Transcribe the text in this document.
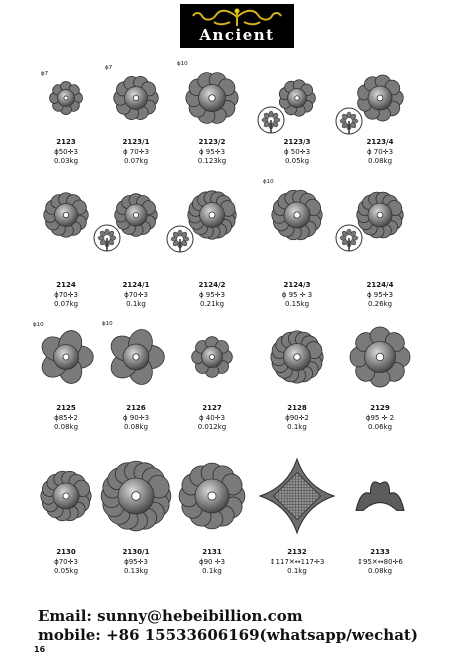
Ancient
ϕ7
2123
ϕ50✛3
0.03kg
ϕ7
2123/1
ϕ 70✛3
0.07kg
ϕ10
2123/2
ϕ 95✛3
0.123kg
2123/3
ϕ 50✛3
0.05kg
2123/4
ϕ 70✛3
0.08kg
2124
ϕ70✛3
0.07kg
2124/1
ϕ70✛3
0.1kg
2124/2
ϕ 95✛3
0.21kg
ϕ10
2124/3
ϕ 95 ✛ 3
0.15kg
2124/4
ϕ 95✛3
0.26kg
ϕ10
2125
ϕ85✛2
0.08kg
ϕ10
2126
ϕ 90✛3
0.08kg
2127
ϕ 40✛3
0.012kg
2128
ϕ90✛2
0.1kg
2129
ϕ95 ✛ 2
0.06kg
2130
ϕ70✛3
0.05kg
2130/1
ϕ95✛3
0.13kg
2131
ϕ90 ✛3
0.1kg
2132
↕117✕↔117✛3
0.1kg
2133
↕95✕↔80✛6
0.08kg
Email: sunny@hebeibillion.com
mobile: +86 15533606169(whatsapp/wechat)
16
